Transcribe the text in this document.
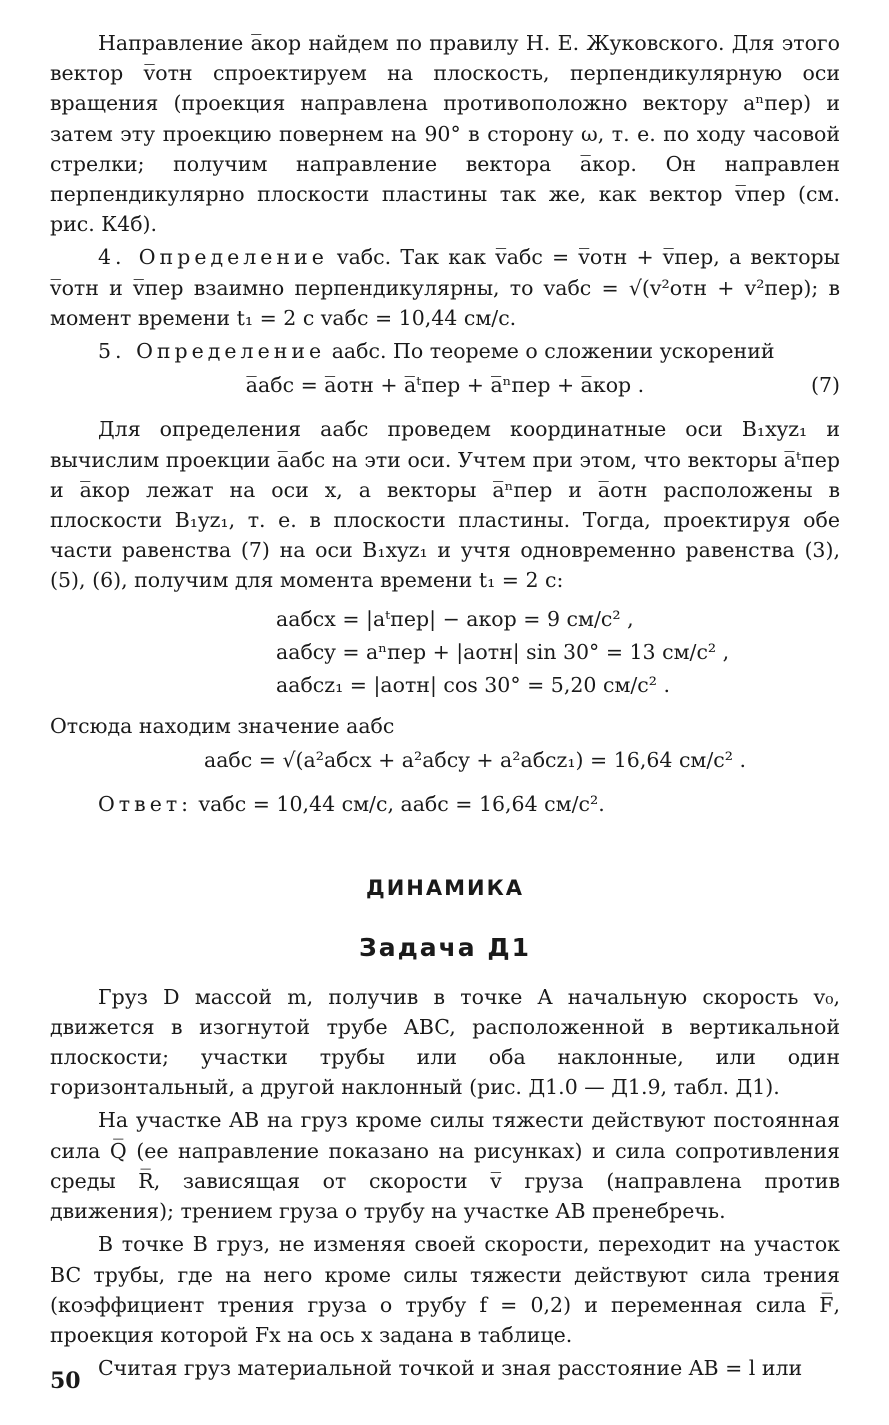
Направление a̅кор найдем по правилу Н. Е. Жуковского. Для этого вектор v̅отн спроектируем на плоскость, перпендикулярную оси вращения (проекция направлена противоположно вектору aⁿпер) и затем эту проекцию повернем на 90° в сторону ω, т. е. по ходу часовой стрелки; получим направление вектора a̅кор. Он направлен перпендикулярно плоскости пластины так же, как вектор v̅пер (см. рис. К4б).

4. Определение vабс. Так как v̅абс = v̅отн + v̅пер, а векторы v̅отн и v̅пер взаимно перпендикулярны, то vабс = √(v²отн + v²пер); в момент времени t₁ = 2 с vабс = 10,44 см/с.

5. Определение aабс. По теореме о сложении ускорений

a̅абс = a̅отн + a̅ᵗпер + a̅ⁿпер + a̅кор .	(7)

Для определения aабс проведем координатные оси B₁xyz₁ и вычислим проекции a̅абс на эти оси. Учтем при этом, что векторы a̅ᵗпер и a̅кор лежат на оси x, а векторы a̅ⁿпер и a̅отн расположены в плоскости B₁yz₁, т. е. в плоскости пластины. Тогда, проектируя обе части равенства (7) на оси B₁xyz₁ и учтя одновременно равенства (3), (5), (6), получим для момента времени t₁ = 2 с:

aабсx = |aᵗпер| − aкор = 9 см/с² ,
aабсy = aⁿпер + |aотн| sin 30° = 13 см/с² ,
aабсz₁ = |aотн| cos 30° = 5,20 см/с² .

Отсюда находим значение aабс

aабс = √(a²абсx + a²абсy + a²абсz₁) = 16,64 см/с² .

Ответ: vабс = 10,44 см/с, aабс = 16,64 см/с².

ДИНАМИКА
Задача Д1

Груз D массой m, получив в точке A начальную скорость v₀, движется в изогнутой трубе ABC, расположенной в вертикальной плоскости; участки трубы или оба наклонные, или один горизонтальный, а другой наклонный (рис. Д1.0 — Д1.9, табл. Д1).

На участке AB на груз кроме силы тяжести действуют постоянная сила Q̅ (ее направление показано на рисунках) и сила сопротивления среды R̅, зависящая от скорости v̅ груза (направлена против движения); трением груза о трубу на участке AB пренебречь.

В точке B груз, не изменяя своей скорости, переходит на участок BC трубы, где на него кроме силы тяжести действуют сила трения (коэффициент трения груза о трубу f = 0,2) и переменная сила F̅, проекция которой Fx на ось x задана в таблице.

Считая груз материальной точкой и зная расстояние AB = l или

50
